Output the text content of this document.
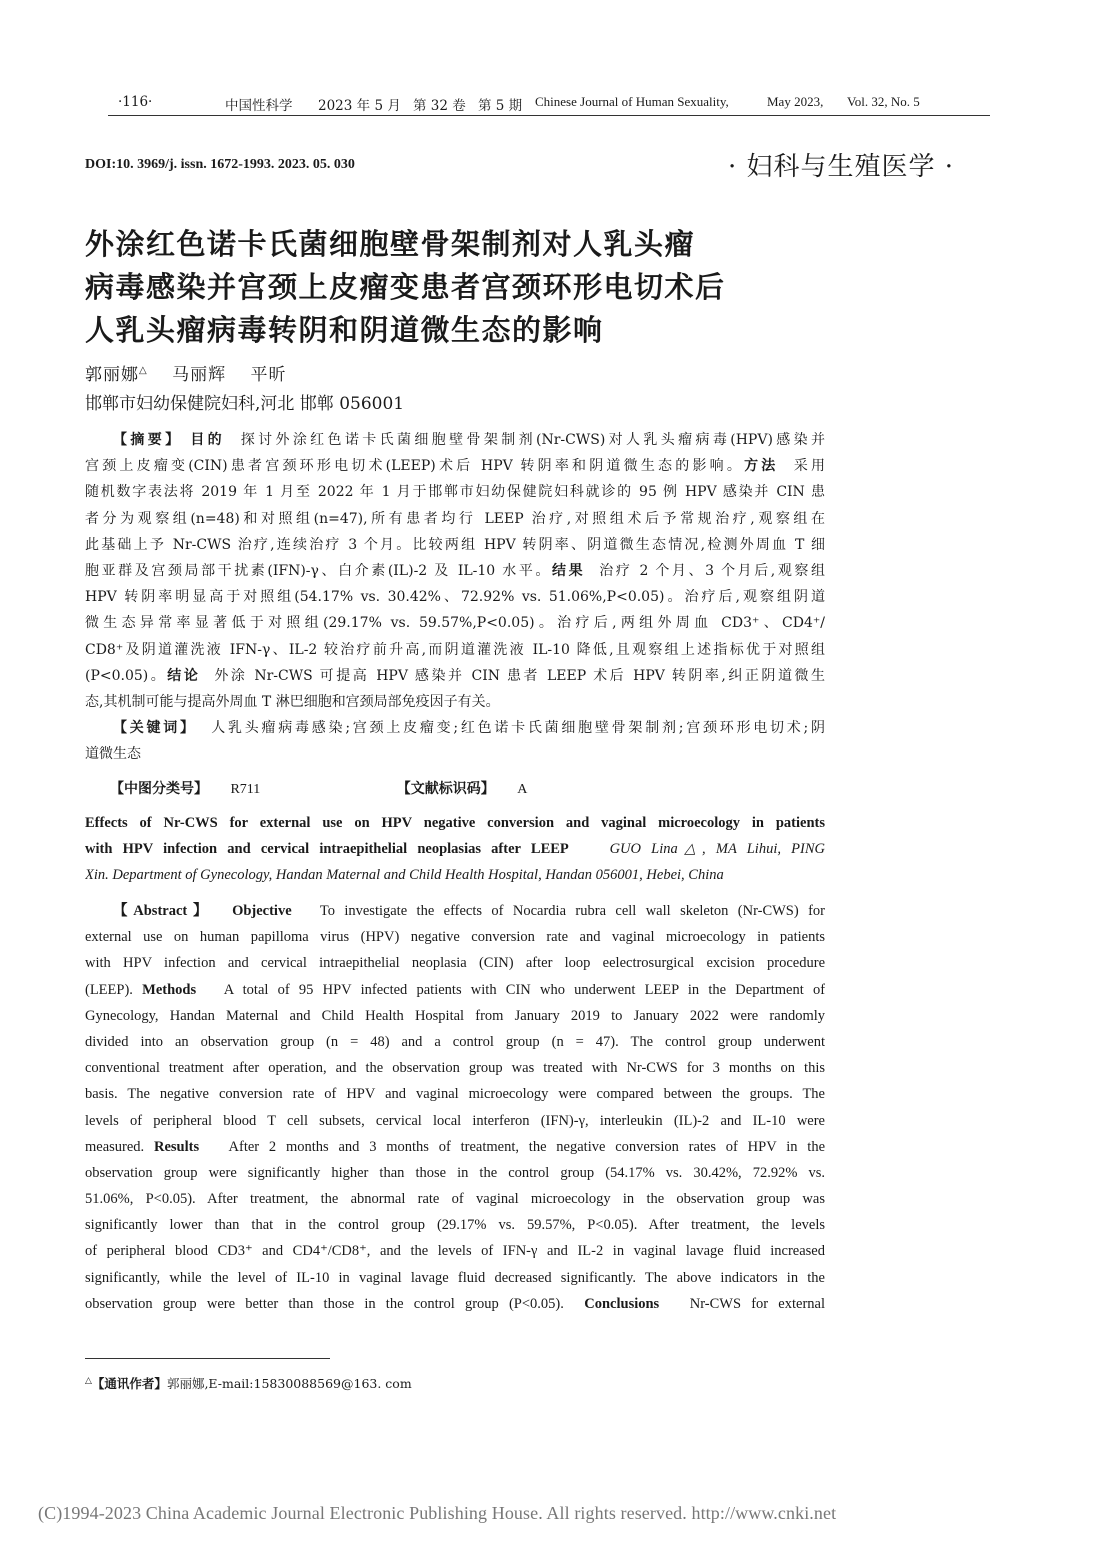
·116·	中国性科学 2023 年 5 月 第 32 卷 第 5 期 Chinese Journal of Human Sexuality,	May 2023, Vol. 32, No. 5
DOI:10. 3969/j. issn. 1672-1993. 2023. 05. 030	· 妇科与生殖医学 ·
外涂红色诺卡氏菌细胞壁骨架制剂对人乳头瘤
病毒感染并宫颈上皮瘤变患者宫颈环形电切术后
人乳头瘤病毒转阴和阴道微生态的影响
郭丽娜△ 马丽辉 平昕
邯郸市妇幼保健院妇科,河北 邯郸 056001
【摘要】 目的 探讨外涂红色诺卡氏菌细胞壁骨架制剂(Nr-CWS)对人乳头瘤病毒(HPV)感染并
宫颈上皮瘤变(CIN)患者宫颈环形电切术(LEEP)术后 HPV 转阴率和阴道微生态的影响。方法 采用
随机数字表法将 2019 年 1 月至 2022 年 1 月于邯郸市妇幼保健院妇科就诊的 95 例 HPV 感染并 CIN 患
者分为观察组(n=48)和对照组(n=47),所有患者均行 LEEP 治疗,对照组术后予常规治疗,观察组在
此基础上予 Nr-CWS 治疗,连续治疗 3 个月。比较两组 HPV 转阴率、阴道微生态情况,检测外周血 T 细
胞亚群及宫颈局部干扰素(IFN)-γ、白介素(IL)-2 及 IL-10 水平。结果 治疗 2 个月、3 个月后,观察组
HPV 转阴率明显高于对照组(54.17% vs. 30.42%、72.92% vs. 51.06%,P<0.05)。治疗后,观察组阴道
微生态异常率显著低于对照组(29.17% vs. 59.57%,P<0.05)。治疗后,两组外周血 CD3⁺、CD4⁺/
CD8⁺及阴道灌洗液 IFN-γ、IL-2 较治疗前升高,而阴道灌洗液 IL-10 降低,且观察组上述指标优于对照组
(P<0.05)。结论 外涂 Nr-CWS 可提高 HPV 感染并 CIN 患者 LEEP 术后 HPV 转阴率,纠正阴道微生
态,其机制可能与提高外周血 T 淋巴细胞和宫颈局部免疫因子有关。
【关键词】 人乳头瘤病毒感染;宫颈上皮瘤变;红色诺卡氏菌细胞壁骨架制剂;宫颈环形电切术;阴
道微生态
【中图分类号】 R711	【文献标识码】 A
Effects of Nr-CWS for external use on HPV negative conversion and vaginal microecology in patients
with HPV infection and cervical intraepithelial neoplasias after LEEP	GUO Lina△, MA Lihui, PING
Xin. Department of Gynecology, Handan Maternal and Child Health Hospital, Handan 056001, Hebei, China
【Abstract】 Objective To investigate the effects of Nocardia rubra cell wall skeleton (Nr-CWS) for
external use on human papilloma virus (HPV) negative conversion rate and vaginal microecology in patients
with HPV infection and cervical intraepithelial neoplasia (CIN) after loop eelectrosurgical excision procedure
(LEEP). Methods A total of 95 HPV infected patients with CIN who underwent LEEP in the Department of
Gynecology, Handan Maternal and Child Health Hospital from January 2019 to January 2022 were randomly
divided into an observation group (n = 48) and a control group (n = 47). The control group underwent
conventional treatment after operation, and the observation group was treated with Nr-CWS for 3 months on this
basis. The negative conversion rate of HPV and vaginal microecology were compared between the groups. The
levels of peripheral blood T cell subsets, cervical local interferon (IFN)-γ, interleukin (IL)-2 and IL-10 were
measured. Results After 2 months and 3 months of treatment, the negative conversion rates of HPV in the
observation group were significantly higher than those in the control group (54.17% vs. 30.42%, 72.92% vs.
51.06%, P<0.05). After treatment, the abnormal rate of vaginal microecology in the observation group was
significantly lower than that in the control group (29.17% vs. 59.57%, P<0.05). After treatment, the levels
of peripheral blood CD3⁺ and CD4⁺/CD8⁺, and the levels of IFN-γ and IL-2 in vaginal lavage fluid increased
significantly, while the level of IL-10 in vaginal lavage fluid decreased significantly. The above indicators in the
observation group were better than those in the control group (P<0.05). Conclusions Nr-CWS for external
△【通讯作者】郭丽娜,E-mail:15830088569@163. com
(C)1994-2023 China Academic Journal Electronic Publishing House. All rights reserved. http://www.cnki.net
